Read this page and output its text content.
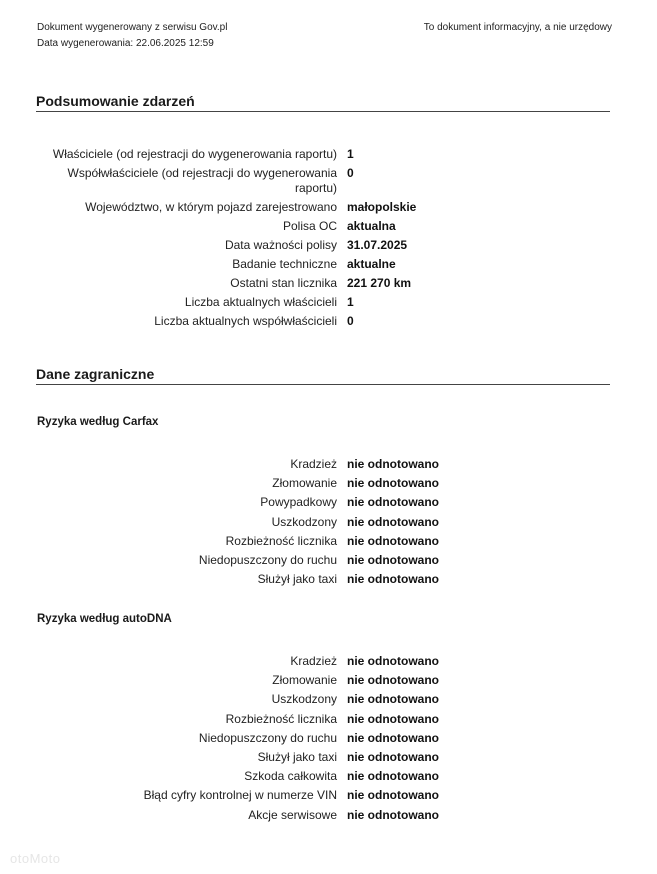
Dokument wygenerowany z serwisu Gov.pl
Data wygenerowania: 22.06.2025 12:59
To dokument informacyjny, a nie urzędowy
Podsumowanie zdarzeń
Właściciele (od rejestracji do wygenerowania raportu) 1
Współwłaściciele (od rejestracji do wygenerowania raportu)
0
Województwo, w którym pojazd zarejestrowano małopolskie
Polisa OC aktualna
Data ważności polisy 31.07.2025
Badanie techniczne aktualne
Ostatni stan licznika 221 270 km
Liczba aktualnych właścicieli 1
Liczba aktualnych współwłaścicieli 0
Dane zagraniczne
Ryzyka według Carfax
Kradzież nie odnotowano
Złomowanie nie odnotowano
Powypadkowy nie odnotowano
Uszkodzony nie odnotowano
Rozbieżność licznika nie odnotowano
Niedopuszczony do ruchu nie odnotowano
Służył jako taxi nie odnotowano
Ryzyka według autoDNA
Kradzież nie odnotowano
Złomowanie nie odnotowano
Uszkodzony nie odnotowano
Rozbieżność licznika nie odnotowano
Niedopuszczony do ruchu nie odnotowano
Służył jako taxi nie odnotowano
Szkoda całkowita nie odnotowano
Błąd cyfry kontrolnej w numerze VIN nie odnotowano
Akcje serwisowe nie odnotowano
otoMoto
